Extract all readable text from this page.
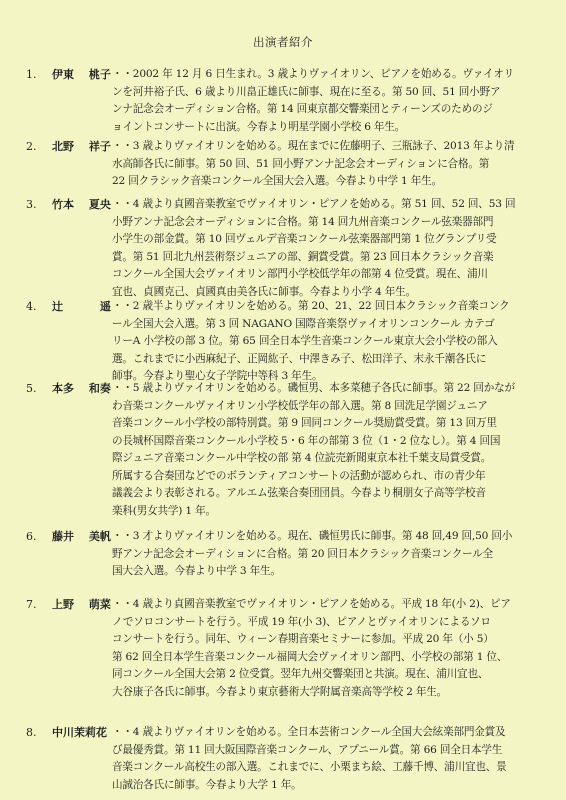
出演者紹介
1. 伊東　 桃子 ・・2002 年 12 月 6 日生まれ。3 歳よりヴァイオリン、ピアノを始める。ヴァイオリ
ンを河井裕子氏、6 歳より川畠正雄氏に師事、現在に至る。第 50 回、51 回小野ア
ンナ記念会オーディション合格。第 14 回東京都交響楽団とティーンズのためのジ
ョイントコンサートに出演。今春より明星学園小学校 6 年生。
2. 北野　 祥子 ・・3 歳よりヴァイオリンを始める。現在までに佐藤明子、三瓶詠子、2013 年より清
水高師各氏に師事。第 50 回、51 回小野アンナ記念会オーディションに合格。第
22 回クラシック音楽コンクール全国大会入選。今春より中学 1 年生。
3. 竹本　 夏央 ・・4 歳より貞國音楽教室でヴァイオリン・ピアノを始める。第 51 回、52 回、53 回
小野アンナ記念会オーディションに合格。第 14 回九州音楽コンクール弦楽器部門
小学生の部金賞。第 10 回ヴェルデ音楽コンクール弦楽器部門第 1 位グランプリ受
賞。第 51 回北九州芸術祭ジュニアの部、銅賞受賞。第 23 回日本クラシック音楽
コンクール全国大会ヴァイオリン部門小学校低学年の部第 4 位受賞。現在、浦川
宜也、貞國克己、貞國真由美各氏に師事。今春より小学 4 年生。
4. 辻　　　 遥 ・・2 歳半よりヴァイオリンを始める。第 20、21、22 回日本クラシック音楽コンク
ール全国大会入選。第 3 回 NAGANO 国際音楽祭ヴァイオリンコンクール カテゴ
リーA 小学校の部 3 位。第 65 回全日本学生音楽コンクール東京大会小学校の部入
選。これまでに小西麻紀子、正岡紘子、中澤きみ子、松田洋子、末永千潮各氏に
師事。今春より聖心女子学院中等科 3 年生。
5. 本多　 和奏 ・・5 歳よりヴァイオリンを始める。磯恒男、本多菜穂子各氏に師事。第 22 回かなが
わ音楽コンクールヴァイオリン小学校低学年の部入選。第 8 回洗足学園ジュニア
音楽コンクール小学校の部特別賞。第 9 回同コンクール奨励賞受賞。第 13 回万里
の長城杯国際音楽コンクール小学校 5・6 年の部第 3 位（1・2 位なし）。第 4 回国
際ジュニア音楽コンクール中学校の部 第 4 位読売新聞東京本社千葉支局賞受賞。
所属する合奏団などでのボランティアコンサートの活動が認められ、市の青少年
議義会より表彰される。アルエム弦楽合奏団団員。今春より桐朋女子高等学校音
楽科(男女共学) 1 年。
6. 藤井　 美帆 ・・3 才よりヴァイオリンを始める。現在、磯恒男氏に師事。第 48 回,49 回,50 回小
野アンナ記念会オーディションに合格。第 20 回日本クラシック音楽コンクール全
国大会入選。今春より中学 3 年生。
7. 上野　 萌菜 ・・4 歳より貞國音楽教室でヴァイオリン・ピアノを始める。平成 18 年(小 2)、ピア
ノでソロコンサートを行う。平成 19 年(小 3)、ピアノとヴァイオリンによるソロ
コンサートを行う。同年、ウィーン春期音楽セミナーに参加。平成 20 年（小 5）
第 62 回全日本学生音楽コンクール福岡大会ヴァイオリン部門、小学校の部第 1 位、
同コンクール全国大会第 2 位受賞。翌年九州交響楽団と共演。現在、浦川宜也、
大谷康子各氏に師事。今春より東京藝術大学附属音楽高等学校 2 年生。
8. 中川茉莉花 ・・4 歳よりヴァイオリンを始める。全日本芸術コンクール全国大会絃楽部門金賞及
び最優秀賞。第 11 回大阪国際音楽コンクール、アプニール賞。第 66 回全日本学生
音楽コンクール高校生の部入選。これまでに、小栗まち絵、工藤千博、浦川宜也、景
山誠治各氏に師事。今春より大学 1 年。
